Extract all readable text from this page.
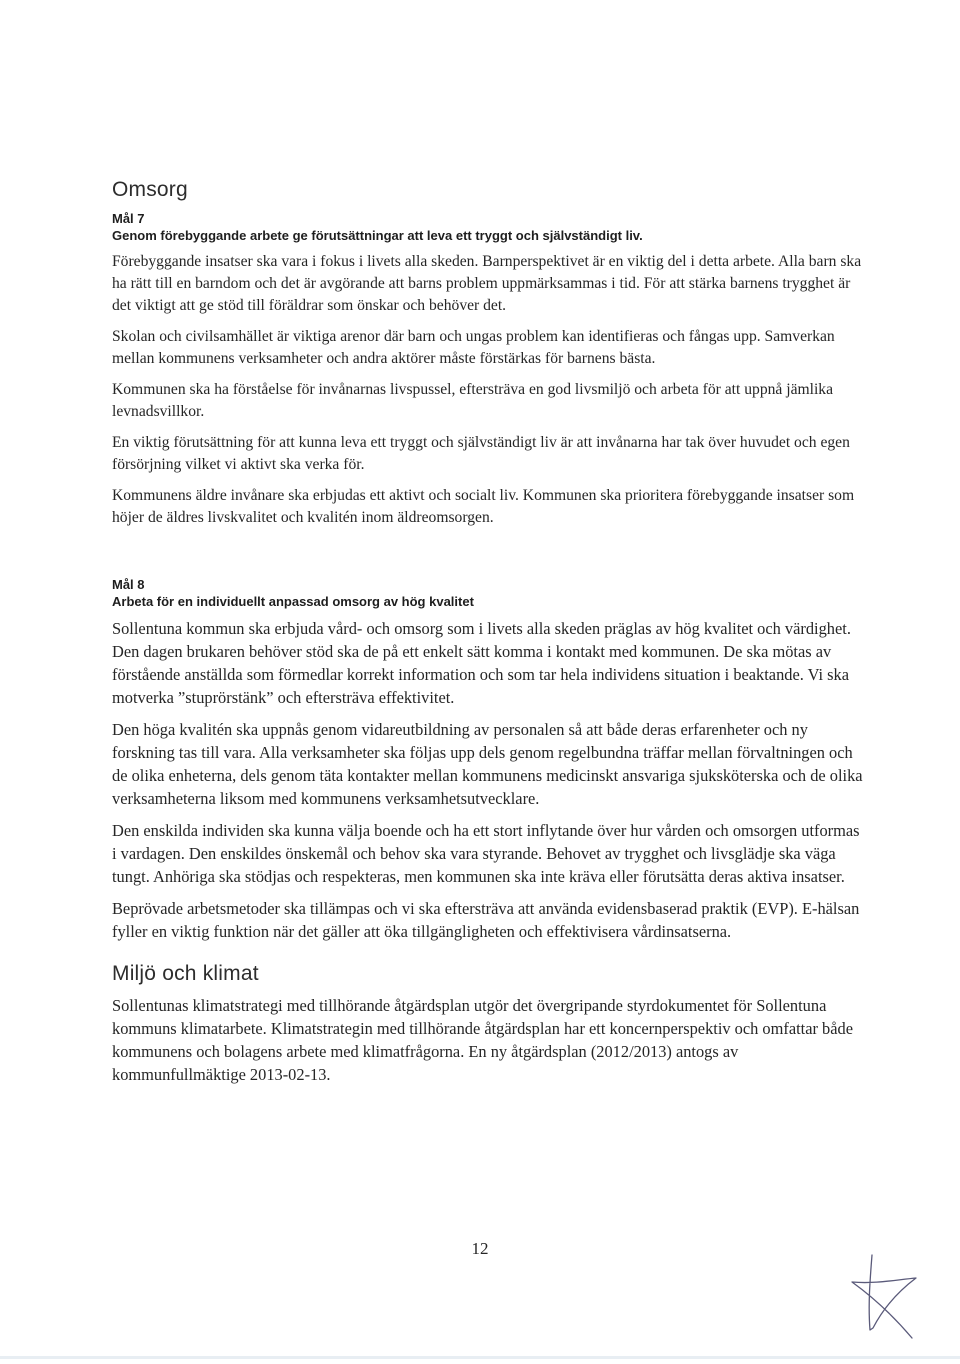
Omsorg
Mål 7
Genom förebyggande arbete ge förutsättningar att leva ett tryggt och självständigt liv.

Förebyggande insatser ska vara i fokus i livets alla skeden. Barnperspektivet är en viktig del i detta arbete. Alla barn ska ha rätt till en barndom och det är avgörande att barns problem uppmärksammas i tid. För att stärka barnens trygghet är det viktigt att ge stöd till föräldrar som önskar och behöver det.

Skolan och civilsamhället är viktiga arenor där barn och ungas problem kan identifieras och fångas upp. Samverkan mellan kommunens verksamheter och andra aktörer måste förstärkas för barnens bästa.

Kommunen ska ha förståelse för invånarnas livspussel, eftersträva en god livsmiljö och arbeta för att uppnå jämlika levnadsvillkor.

En viktig förutsättning för att kunna leva ett tryggt och självständigt liv är att invånarna har tak över huvudet och egen försörjning vilket vi aktivt ska verka för.

Kommunens äldre invånare ska erbjudas ett aktivt och socialt liv. Kommunen ska prioritera förebyggande insatser som höjer de äldres livskvalitet och kvalitén inom äldreomsorgen.

Mål 8
Arbeta för en individuellt anpassad omsorg av hög kvalitet

Sollentuna kommun ska erbjuda vård- och omsorg som i livets alla skeden präglas av hög kvalitet och värdighet. Den dagen brukaren behöver stöd ska de på ett enkelt sätt komma i kontakt med kommunen. De ska mötas av förstående anställda som förmedlar korrekt information och som tar hela individens situation i beaktande. Vi ska motverka ”stuprörstänk” och eftersträva effektivitet.

Den höga kvalitén ska uppnås genom vidareutbildning av personalen så att både deras erfarenheter och ny forskning tas till vara. Alla verksamheter ska följas upp dels genom regelbundna träffar mellan förvaltningen och de olika enheterna, dels genom täta kontakter mellan kommunens medicinskt ansvariga sjuksköterska och de olika verksamheterna liksom med kommunens verksamhetsutvecklare.

Den enskilda individen ska kunna välja boende och ha ett stort inflytande över hur vården och omsorgen utformas i vardagen. Den enskildes önskemål och behov ska vara styrande. Behovet av trygghet och livsglädje ska väga tungt. Anhöriga ska stödjas och respekteras, men kommunen ska inte kräva eller förutsätta deras aktiva insatser.

Beprövade arbetsmetoder ska tillämpas och vi ska eftersträva att använda evidensbaserad praktik (EVP). E-hälsan fyller en viktig funktion när det gäller att öka tillgängligheten och effektivisera vårdinsatserna.

Miljö och klimat

Sollentunas klimatstrategi med tillhörande åtgärdsplan utgör det övergripande styrdokumentet för Sollentuna kommuns klimatarbete. Klimatstrategin med tillhörande åtgärdsplan har ett koncernperspektiv och omfattar både kommunens och bolagens arbete med klimatfrågorna. En ny åtgärdsplan (2012/2013) antogs av kommunfullmäktige 2013-02-13.

12
